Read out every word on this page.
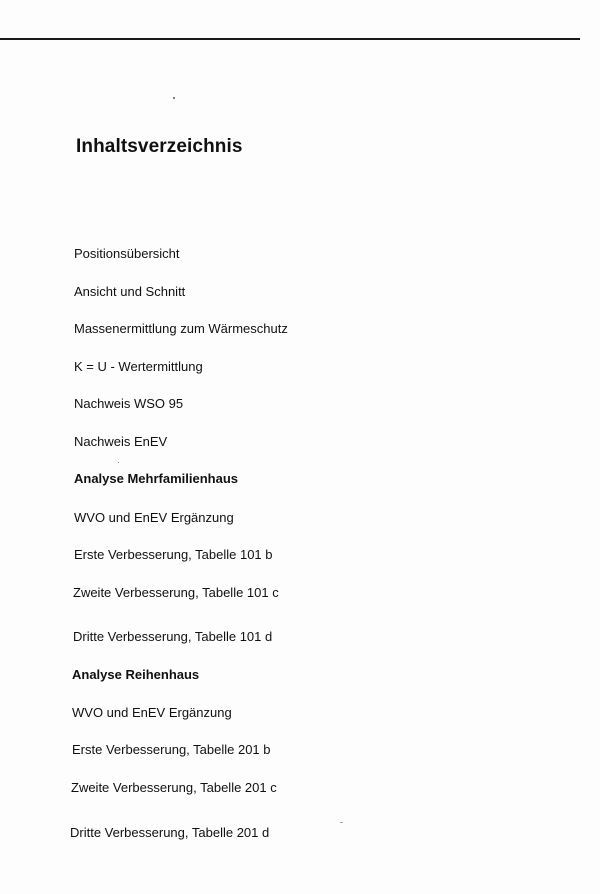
Inhaltsverzeichnis
Positionsübersicht
Ansicht und Schnitt
Massenermittlung zum Wärmeschutz
K = U - Wertermittlung
Nachweis WSO 95
Nachweis EnEV
Analyse Mehrfamilienhaus
WVO und EnEV Ergänzung
Erste Verbesserung, Tabelle 101 b
Zweite Verbesserung, Tabelle 101 c
Dritte Verbesserung, Tabelle 101 d
Analyse Reihenhaus
WVO und EnEV Ergänzung
Erste Verbesserung, Tabelle 201 b
Zweite Verbesserung, Tabelle 201 c
Dritte Verbesserung, Tabelle 201 d
